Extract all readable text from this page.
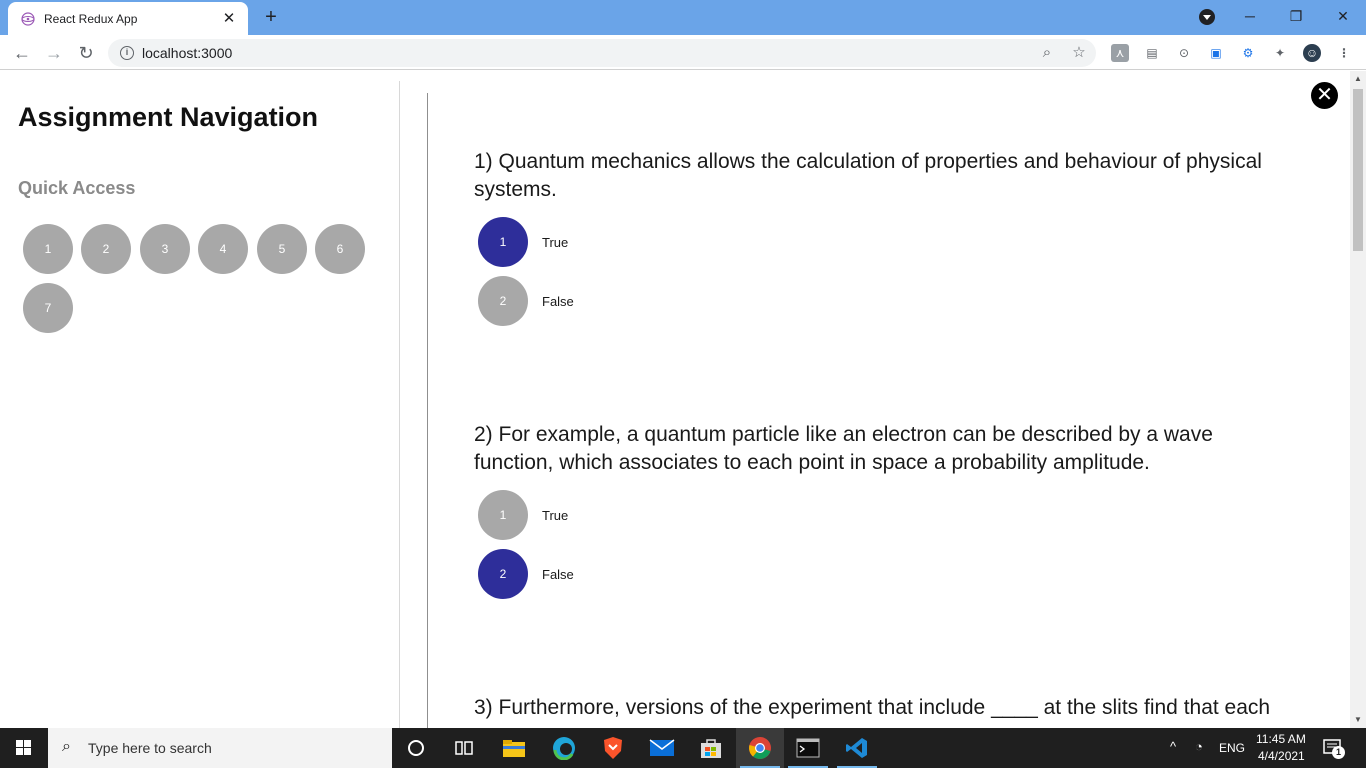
React Redux App	✕ +	─	❐	✕
← → ↻	i localhost:3000	⌕	☆	⋏	▤	⊙	▣	⚙	✦	☺ ⋮
Assignment Navigation
Quick Access
1	2	3	4	5	6
7
✕
1) Quantum mechanics allows the calculation of properties and behaviour of physical systems.
1	True
2	False
2) For example, a quantum particle like an electron can be described by a wave function, which associates to each point in space a probability amplitude.
1	True
2	False
3) Furthermore, versions of the experiment that include ____ at the slits find that each
▲
▼
⌕	Type here to search	^ ◔ ENG
11:45 AM
4/4/2021	1
